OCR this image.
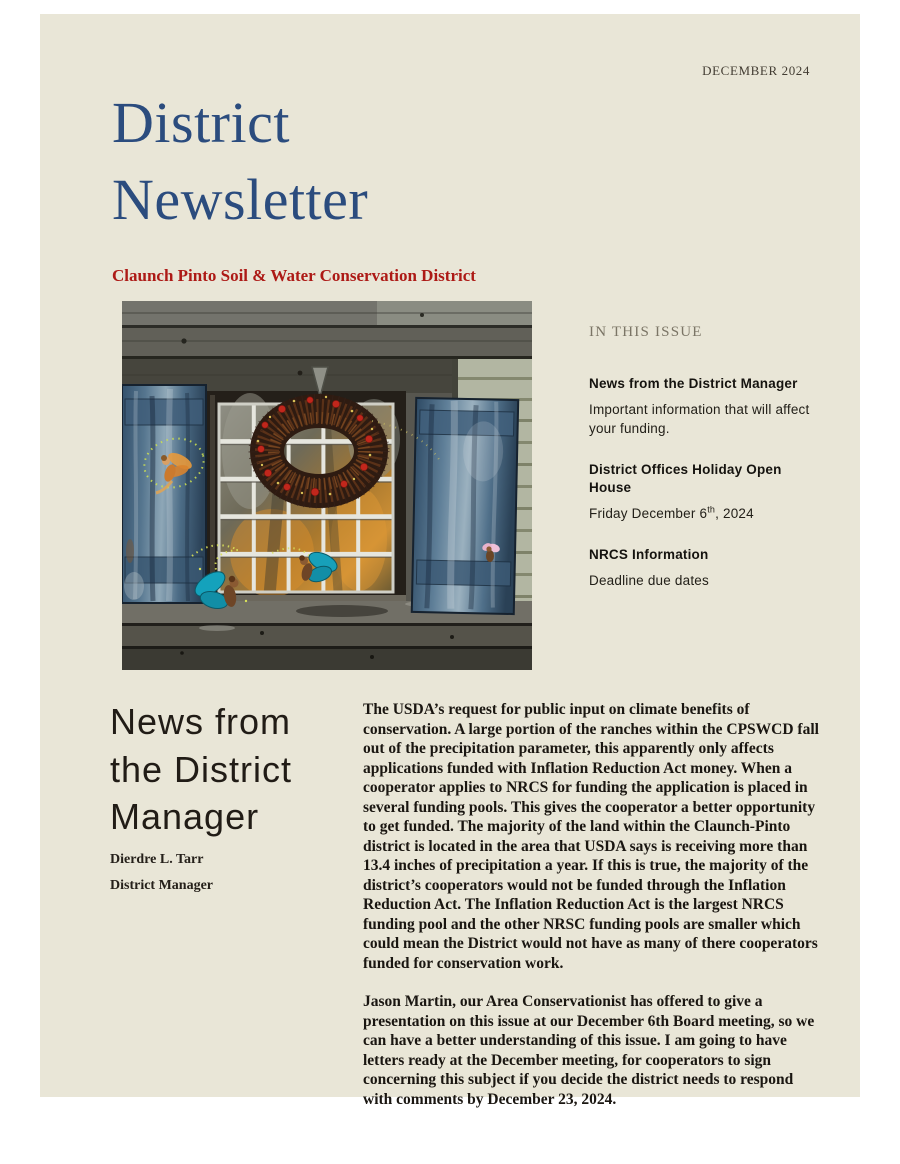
DECEMBER 2024
District
Newsletter
Claunch Pinto Soil & Water Conservation District
IN THIS ISSUE
News from the District Manager

Important information that will affect your funding.

District Offices Holiday Open House

Friday December 6th, 2024

NRCS Information

Deadline due dates

News from the District Manager
Dierdre L. Tarr
District Manager

The USDA’s request for public input on climate benefits of conservation. A large portion of the ranches within the CPSWCD fall out of the precipitation parameter, this apparently only affects applications funded with Inflation Reduction Act money. When a cooperator applies to NRCS for funding the application is placed in several funding pools. This gives the cooperator a better opportunity to get funded. The majority of the land within the Claunch-Pinto district is located in the area that USDA says is receiving more than 13.4 inches of precipitation a year. If this is true, the majority of the district’s cooperators would not be funded through the Inflation Reduction Act. The Inflation Reduction Act is the largest NRCS funding pool and the other NRSC funding pools are smaller which could mean the District would not have as many of there cooperators funded for conservation work.

Jason Martin, our Area Conservationist has offered to give a presentation on this issue at our December 6th Board meeting, so we can have a better understanding of this issue. I am going to have letters ready at the December meeting, for cooperators to sign concerning this subject if you decide the district needs to respond with comments by December 23, 2024.
